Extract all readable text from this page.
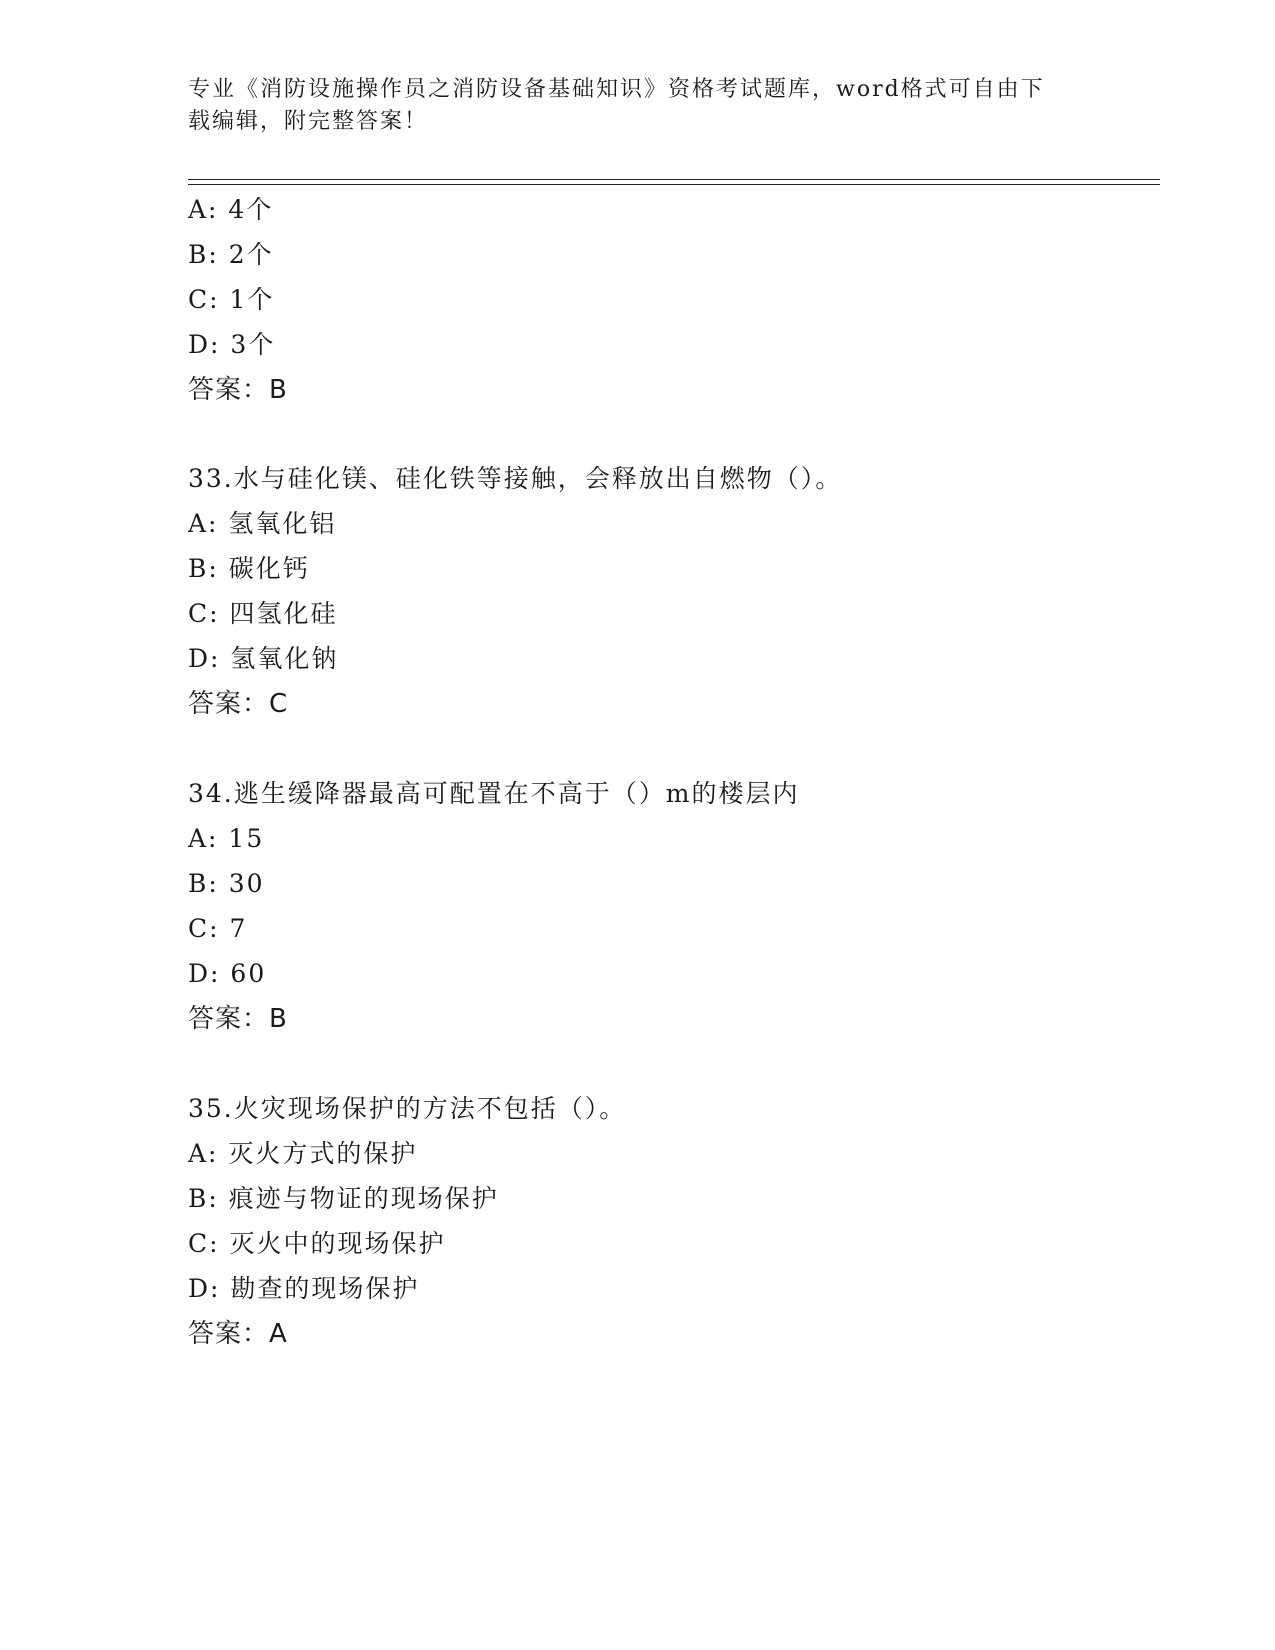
专业《消防设施操作员之消防设备基础知识》资格考试题库，word格式可自由下
载编辑，附完整答案！
A: 4个
B: 2个
C: 1个
D: 3个
答案：B
33.水与硅化镁、硅化铁等接触，会释放出自燃物（）。
A: 氢氧化铝
B: 碳化钙
C: 四氢化硅
D: 氢氧化钠
答案：C
34.逃生缓降器最高可配置在不高于（）m的楼层内
A: 15
B: 30
C: 7
D: 60
答案：B
35.火灾现场保护的方法不包括（）。
A: 灭火方式的保护
B: 痕迹与物证的现场保护
C: 灭火中的现场保护
D: 勘查的现场保护
答案：A
